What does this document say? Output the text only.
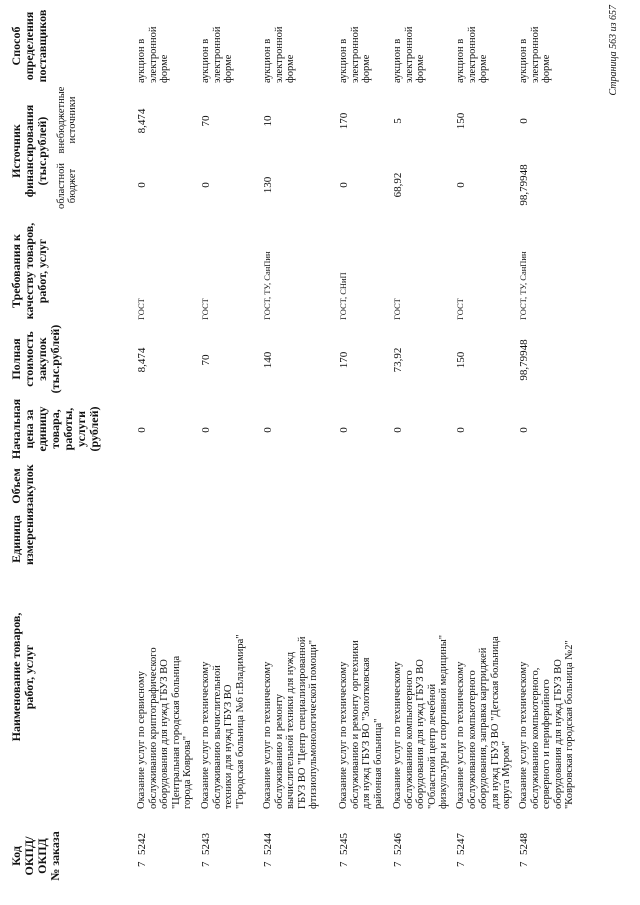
Код ОКПД/ ОКПД № заказа
Наименование товаров, работ, услуг
Единица измерения
Объем закупок
Начальная цена за единицу товара, работы, услуги (рублей)
Полная стоимость закупок (тыс.рублей)
Требования к качеству товаров, работ, услуг
Источник финансирования (тыс.рублей)
областной бюджет
внебюджетные источники
Способ определения поставщиков
7
5242
Оказание услуг по сервисному обслуживанию криптографического оборудования для нужд ГБУЗ ВО "Центральная городская больница города Коврова"
0
8,474
ГОСТ
0
8,474
аукцион в электронной форме
7
5243
Оказание услуг по техническому обслуживанию вычислительной техники для нужд ГБУЗ ВО "Городская больница №6 г.Владимира"
0
70
ГОСТ
0
70
аукцион в электронной форме
7
5244
Оказание услуг по техническому обслуживанию и ремонту вычислительной техники для нужд ГБУЗ ВО "Центр специализированной фтизиопульмонологической помощи"
0
140
ГОСТ, ТУ, СанПин
130
10
аукцион в электронной форме
7
5245
Оказание услуг по техническому обслуживанию и ремонту оргтехники для нужд ГБУЗ ВО "Золотковская районная больница"
0
170
ГОСТ, СНиП
0
170
аукцион в электронной форме
7
5246
Оказание услуг по техническому обслуживанию компьютерного оборудования для нужд ГБУЗ ВО "Областной центр лечебной физкультуры и спортивной медицины"
0
73,92
ГОСТ
68,92
5
аукцион в электронной форме
7
5247
Оказание услуг по техническому обслуживанию компьютерного оборудования, заправка картриджей для нужд ГБУЗ ВО "Детская больница округа Муром"
0
150
ГОСТ
0
150
аукцион в электронной форме
7
5248
Оказание услуг по техническому обслуживанию компьютерного, серверного и периферийного оборудования для нужд ГБУЗ ВО "Ковровская городская больница №2"
0
98,79948
ГОСТ, ТУ, СанПин
98,79948
0
аукцион в электронной форме	Страница 563 из 657
